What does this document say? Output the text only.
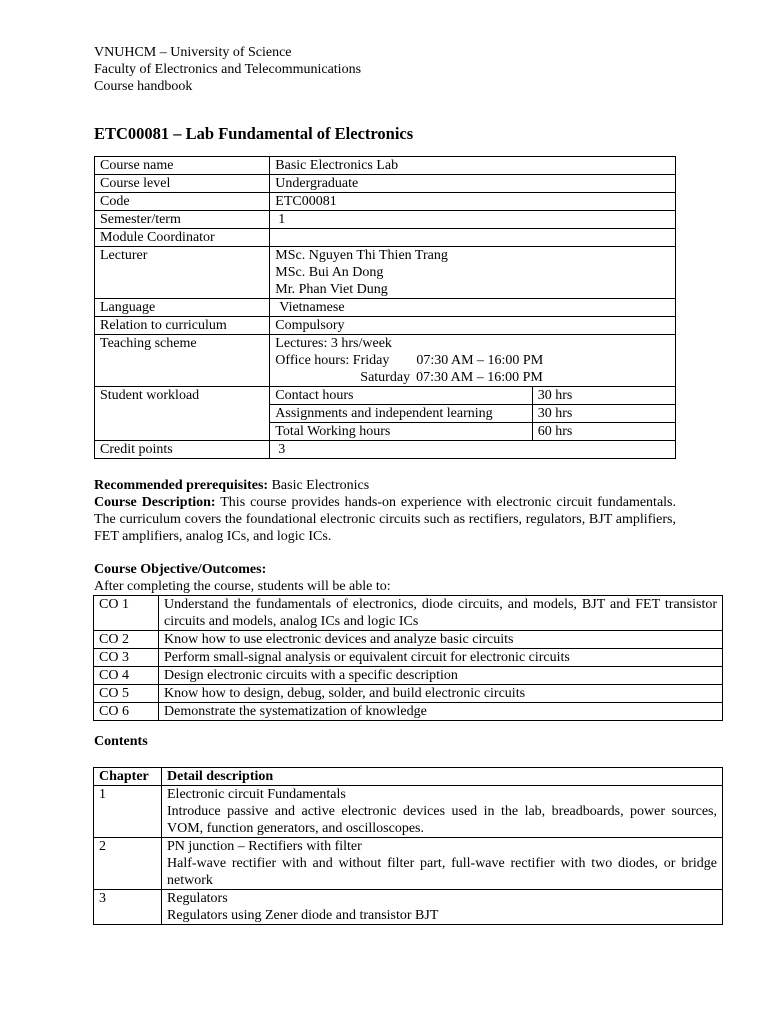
VNUHCM – University of Science
Faculty of Electronics and Telecommunications
Course handbook
ETC00081 – Lab Fundamental of Electronics
Course name	Basic Electronics Lab	
Course level	Undergraduate	
Code	ETC00081	
Semester/term	1	
Module Coordinator		
Lecturer	MSc. Nguyen Thi Thien Trang
MSc. Bui An Dong
Mr. Phan Viet Dung	

Language	Vietnamese	
Relation to curriculum	Compulsory	
Teaching scheme	Lectures: 3 hrs/week
Office hours: Friday 07:30 AM – 16:00 PM
Saturday 07:30 AM – 16:00 PM	

Student workload	Contact hours	30 hrs
	Assignments and independent learning	30 hrs
	Total Working hours	60 hrs
Credit points	3	
Recommended prerequisites: Basic Electronics
Course Description: This course provides hands-on experience with electronic circuit fundamentals. The curriculum covers the foundational electronic circuits such as rectifiers, regulators, BJT amplifiers, FET amplifiers, analog ICs, and logic ICs.
Course Objective/Outcomes:
After completing the course, students will be able to:
CO 1	Understand the fundamentals of electronics, diode circuits, and models, BJT and FET transistor circuits and models, analog ICs and logic ICs
CO 2	Know how to use electronic devices and analyze basic circuits
CO 3	Perform small-signal analysis or equivalent circuit for electronic circuits
CO 4	Design electronic circuits with a specific description
CO 5	Know how to design, debug, solder, and build electronic circuits
CO 6	Demonstrate the systematization of knowledge
Contents
Chapter	Detail description
1	Electronic circuit Fundamentals
Introduce passive and active electronic devices used in the lab, breadboards, power sources, VOM, function generators, and oscilloscopes.

2	PN junction – Rectifiers with filter
Half-wave rectifier with and without filter part, full-wave rectifier with two diodes, or bridge network

3	Regulators
Regulators using Zener diode and transistor BJT
